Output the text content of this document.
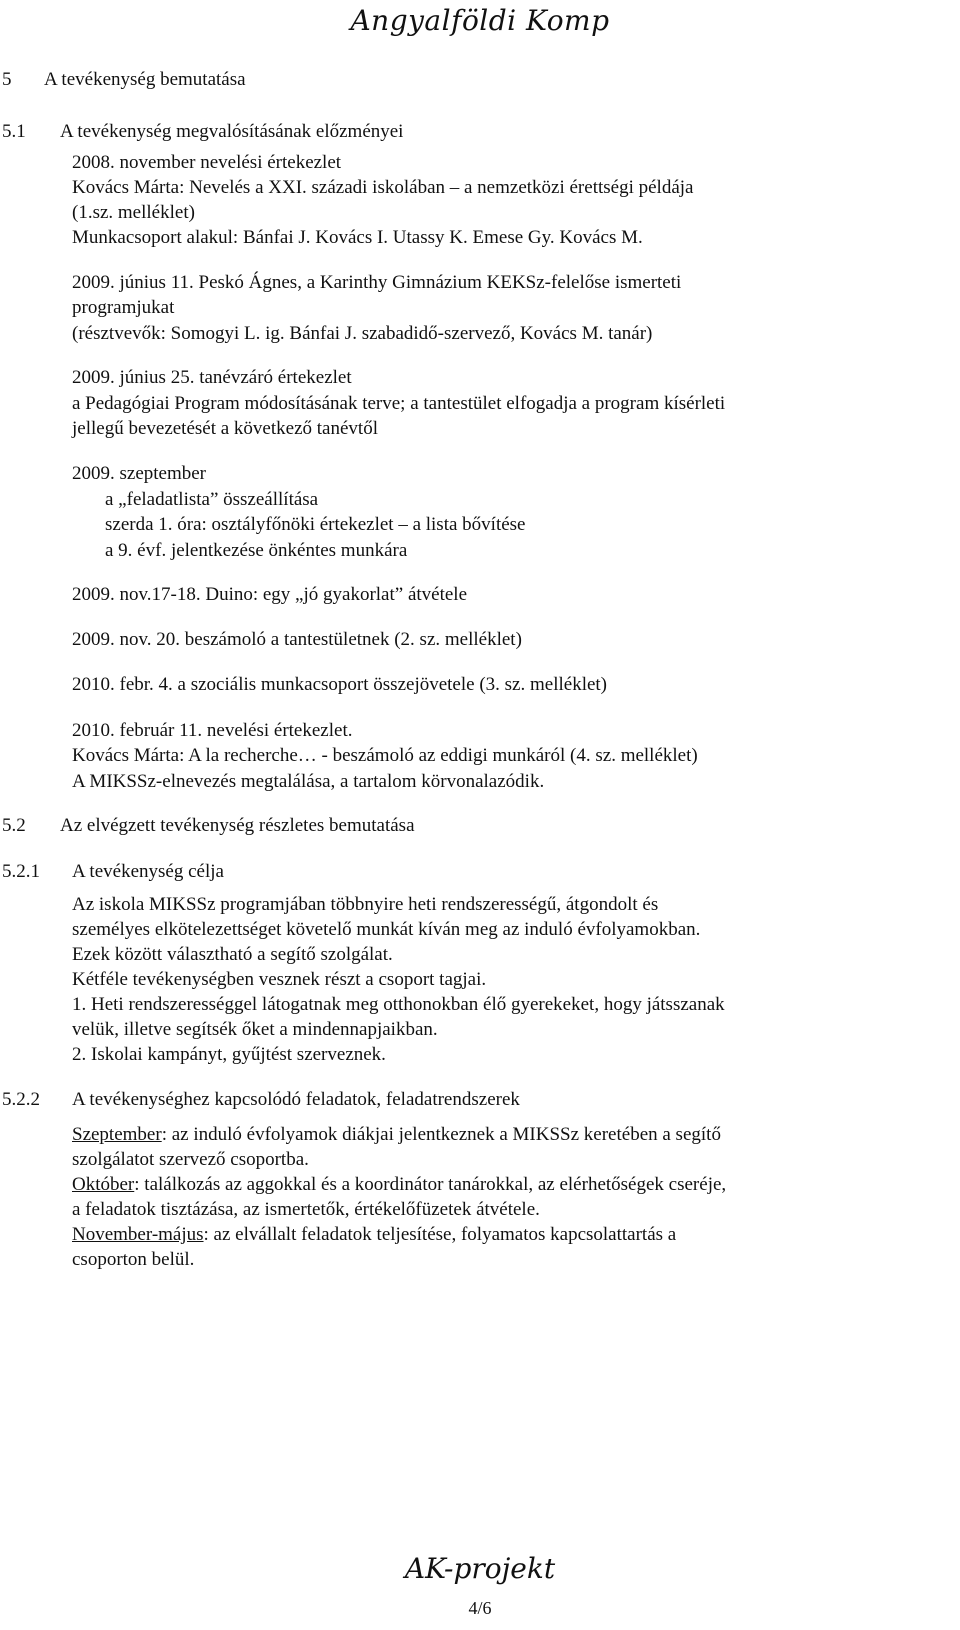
Angyalföldi Komp
5 A tevékenység bemutatása
5.1 A tevékenység megvalósításának előzményei
2008. november nevelési értekezlet
Kovács Márta: Nevelés a XXI. századi iskolában – a nemzetközi érettségi példája
(1.sz. melléklet)
Munkacsoport alakul: Bánfai J. Kovács I. Utassy K. Emese Gy. Kovács M.
2009. június 11. Peskó Ágnes, a Karinthy Gimnázium KEKSz-felelőse ismerteti
programjukat
(résztvevők: Somogyi L. ig. Bánfai J. szabadidő-szervező, Kovács M. tanár)
2009. június 25. tanévzáró értekezlet
a Pedagógiai Program módosításának terve; a tantestület elfogadja a program kísérleti
jellegű bevezetését a következő tanévtől
2009. szeptember
a „feladatlista” összeállítása
szerda 1. óra: osztályfőnöki értekezlet – a lista bővítése
a 9. évf. jelentkezése önkéntes munkára
2009. nov.17-18. Duino: egy „jó gyakorlat” átvétele
2009. nov. 20. beszámoló a tantestületnek (2. sz. melléklet)
2010. febr. 4. a szociális munkacsoport összejövetele (3. sz. melléklet)
2010. február 11. nevelési értekezlet.
Kovács Márta: A la recherche… - beszámoló az eddigi munkáról (4. sz. melléklet)
A MIKSSz-elnevezés megtalálása, a tartalom körvonalazódik.
5.2 Az elvégzett tevékenység részletes bemutatása
5.2.1 A tevékenység célja
Az iskola MIKSSz programjában többnyire heti rendszerességű, átgondolt és
személyes elkötelezettséget követelő munkát kíván meg az induló évfolyamokban.
Ezek között választható a segítő szolgálat.
Kétféle tevékenységben vesznek részt a csoport tagjai.
1. Heti rendszerességgel látogatnak meg otthonokban élő gyerekeket, hogy játsszanak
velük, illetve segítsék őket a mindennapjaikban.
2. Iskolai kampányt, gyűjtést szerveznek.
5.2.2 A tevékenységhez kapcsolódó feladatok, feladatrendszerek
Szeptember: az induló évfolyamok diákjai jelentkeznek a MIKSSz keretében a segítő
szolgálatot szervező csoportba.
Október: találkozás az aggokkal és a koordinátor tanárokkal, az elérhetőségek cseréje,
a feladatok tisztázása, az ismertetők, értékelőfüzetek átvétele.
November-május: az elvállalt feladatok teljesítése, folyamatos kapcsolattartás a
csoporton belül.
AK-projekt
4/6
